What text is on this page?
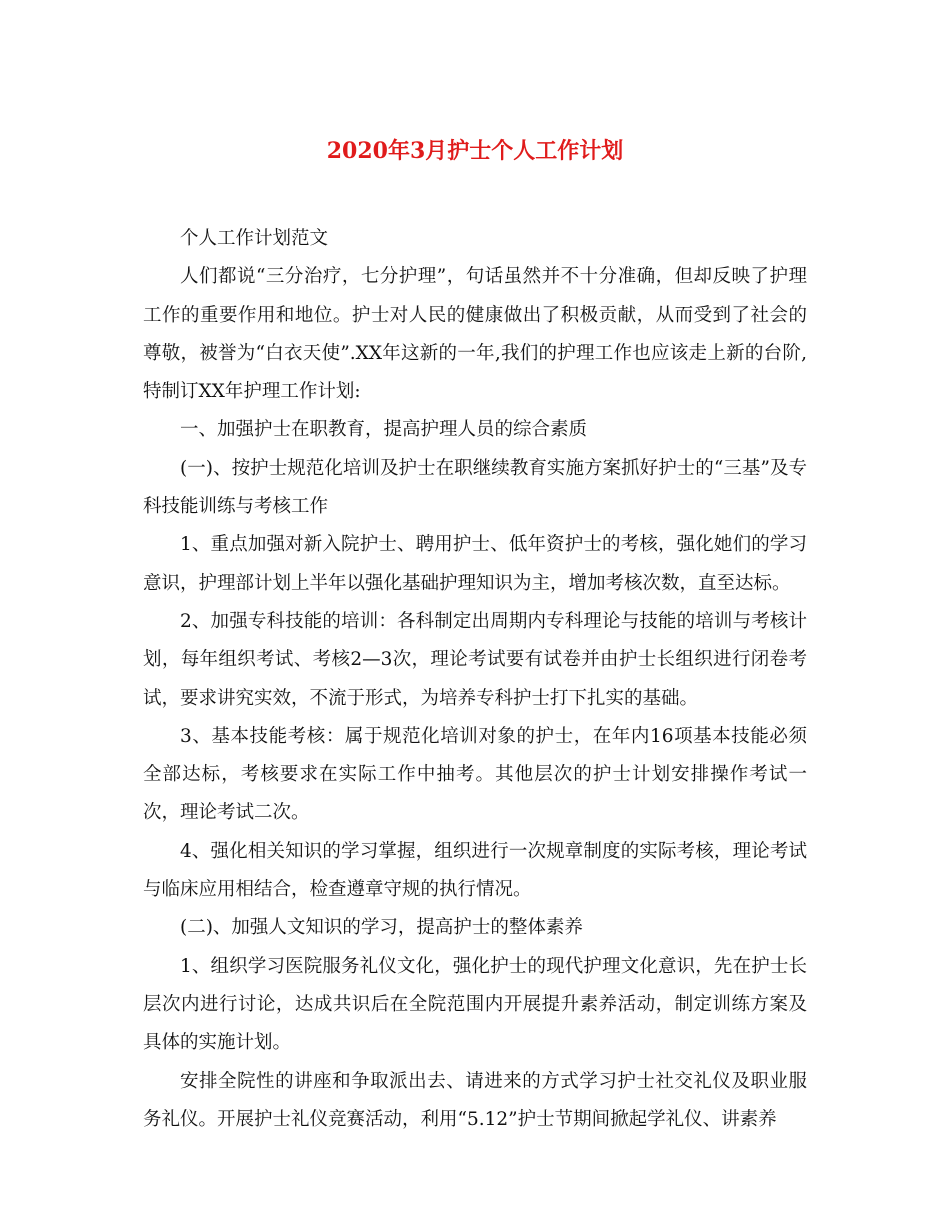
2020年3月护士个人工作计划

个人工作计划范文

人们都说“三分治疗，七分护理”，句话虽然并不十分准确，但却反映了护理工作的重要作用和地位。护士对人民的健康做出了积极贡献，从而受到了社会的尊敬，被誉为“白衣天使”.XX年这新的一年,我们的护理工作也应该走上新的台阶,特制订XX年护理工作计划:

一、加强护士在职教育，提高护理人员的综合素质

(一)、按护士规范化培训及护士在职继续教育实施方案抓好护士的“三基”及专科技能训练与考核工作

1、重点加强对新入院护士、聘用护士、低年资护士的考核，强化她们的学习意识，护理部计划上半年以强化基础护理知识为主，增加考核次数，直至达标。

2、加强专科技能的培训：各科制定出周期内专科理论与技能的培训与考核计划，每年组织考试、考核2—3次，理论考试要有试卷并由护士长组织进行闭卷考试，要求讲究实效，不流于形式，为培养专科护士打下扎实的基础。

3、基本技能考核：属于规范化培训对象的护士，在年内16项基本技能必须全部达标，考核要求在实际工作中抽考。其他层次的护士计划安排操作考试一次，理论考试二次。

4、强化相关知识的学习掌握，组织进行一次规章制度的实际考核，理论考试与临床应用相结合，检查遵章守规的执行情况。

(二)、加强人文知识的学习，提高护士的整体素养

1、组织学习医院服务礼仪文化，强化护士的现代护理文化意识，先在护士长层次内进行讨论，达成共识后在全院范围内开展提升素养活动，制定训练方案及具体的实施计划。

安排全院性的讲座和争取派出去、请进来的方式学习护士社交礼仪及职业服务礼仪。开展护士礼仪竞赛活动，利用“5.12”护士节期间掀起学礼仪、讲素养
